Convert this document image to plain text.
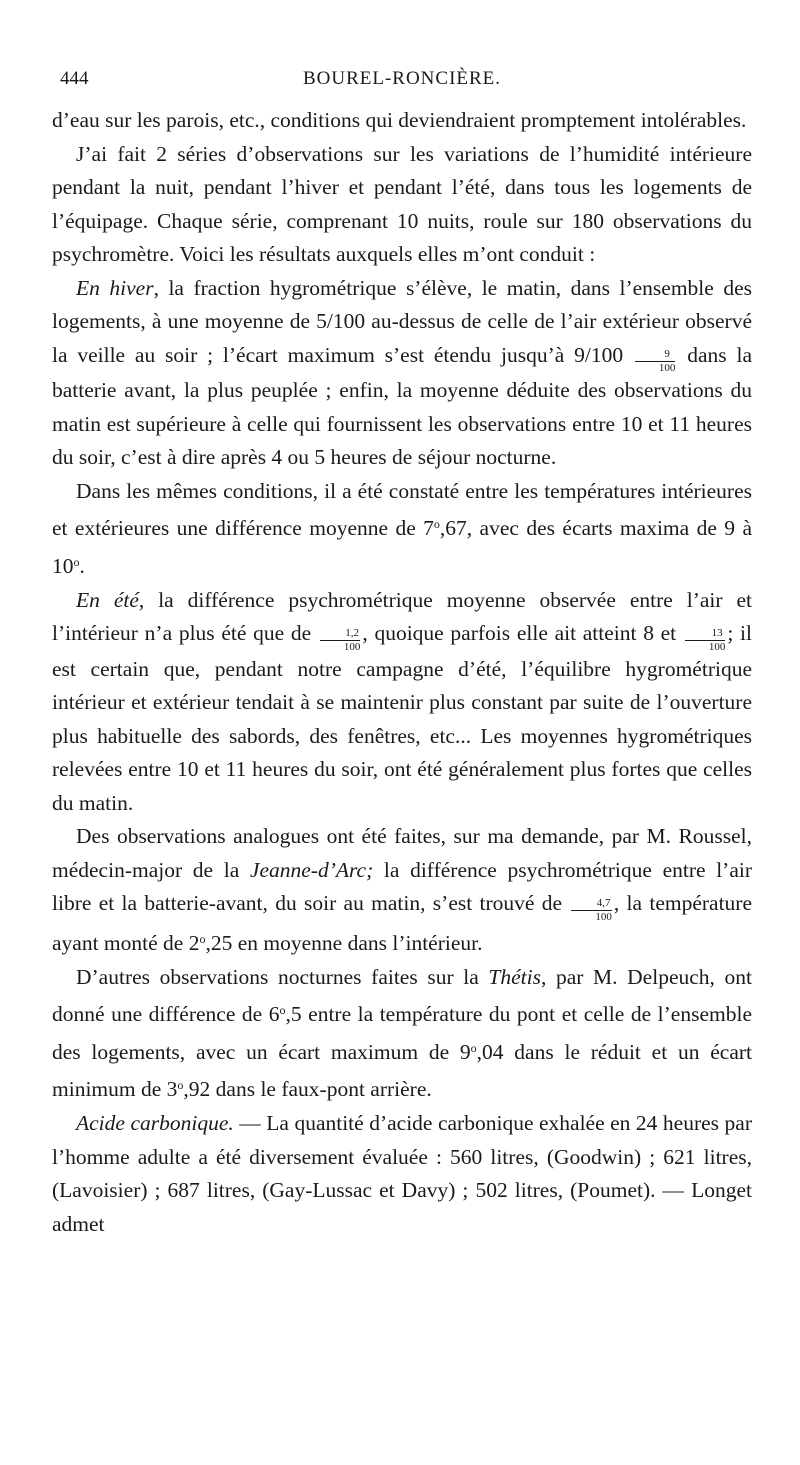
444	BOUREL-RONCIÈRE.

d’eau sur les parois, etc., conditions qui deviendraient promptement intolérables.

J’ai fait 2 séries d’observations sur les variations de l’humidité intérieure pendant la nuit, pendant l’hiver et pendant l’été, dans tous les logements de l’équipage. Chaque série, comprenant 10 nuits, roule sur 180 observations du psychromètre. Voici les résultats auxquels elles m’ont conduit :

En hiver, la fraction hygrométrique s’élève, le matin, dans l’ensemble des logements, à une moyenne de 5/100 au-dessus de celle de l’air extérieur observé la veille au soir ; l’écart maximum s’est étendu jusqu’à $9/100 \frac{9}{100}$ dans la batterie avant, la plus peuplée ; enfin, la moyenne déduite des observations du matin est supérieure à celle qui fournissent les observations entre 10 et 11 heures du soir, c’est à dire après 4 ou 5 heures de séjour nocturne.

Dans les mêmes conditions, il a été constaté entre les températures intérieures et extérieures une différence moyenne de 7$^o$,67, avec des écarts maxima de 9 à 10$^o$.

En été, la différence psychrométrique moyenne observée entre l’air et l’intérieur n’a plus été que de $\frac{1,2}{100}$ , quoique parfois elle ait atteint 8 et $\frac{13}{100}$ ; il est certain que, pendant notre campagne d’été, l’équilibre hygrométrique intérieur et extérieur tendait à se maintenir plus constant par suite de l’ouverture plus habituelle des sabords, des fenêtres, etc... Les moyennes hygrométriques relevées entre 10 et 11 heures du soir, ont été généralement plus fortes que celles du matin.

Des observations analogues ont été faites, sur ma demande, par M. Roussel, médecin-major de la Jeanne-d’Arc; la différence psychrométrique entre l’air libre et la batterie-avant, du soir au matin, s’est trouvé de $\frac{4,7}{100}$ , la température ayant monté de 2$^o$,25 en moyenne dans l’intérieur.

D’autres observations nocturnes faites sur la Thétis, par M. Delpeuch, ont donné une différence de 6$^o$,5 entre la température du pont et celle de l’ensemble des logements, avec un écart maximum de 9$^o$,04 dans le réduit et un écart minimum de 3$^o$,92 dans le faux-pont arrière.

Acide carbonique. — La quantité d’acide carbonique exhalée en 24 heures par l’homme adulte a été diversement évaluée : 560 litres, (Goodwin) ; 621 litres, (Lavoisier) ; 687 litres, (Gay-Lussac et Davy) ; 502 litres, (Poumet). — Longet admet
